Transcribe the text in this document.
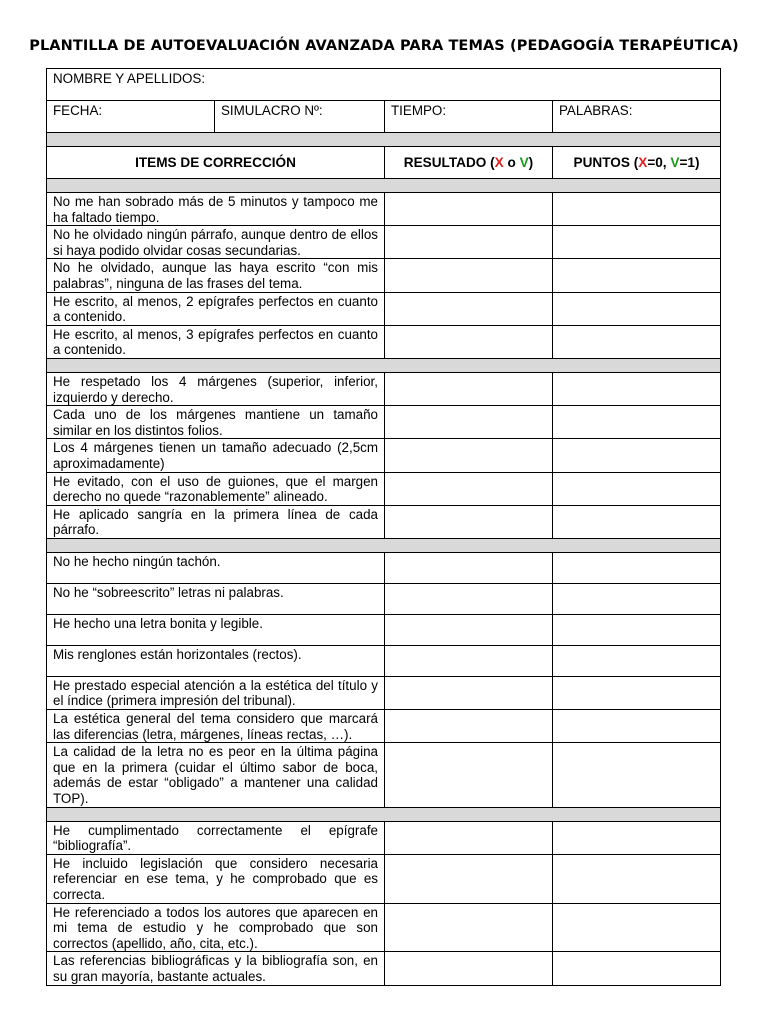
PLANTILLA DE AUTOEVALUACIÓN AVANZADA PARA TEMAS (PEDAGOGÍA TERAPÉUTICA)
NOMBRE Y APELLIDOS:			
FECHA:	SIMULACRO Nº:	TIEMPO:	PALABRAS:

ITEMS DE CORRECCIÓN		RESULTADO (X o V)	PUNTOS (X=0, V=1)

No me han sobrado más de 5 minutos y tampoco me ha faltado tiempo.			
No he olvidado ningún párrafo, aunque dentro de ellos si haya podido olvidar cosas secundarias.			
No he olvidado, aunque las haya escrito “con mis palabras”, ninguna de las frases del tema.			
He escrito, al menos, 2 epígrafes perfectos en cuanto a contenido.			
He escrito, al menos, 3 epígrafes perfectos en cuanto a contenido.			

He respetado los 4 márgenes (superior, inferior, izquierdo y derecho.			
Cada uno de los márgenes mantiene un tamaño similar en los distintos folios.			
Los 4 márgenes tienen un tamaño adecuado (2,5cm aproximadamente)			
He evitado, con el uso de guiones, que el margen derecho no quede “razonablemente” alineado.			
He aplicado sangría en la primera línea de cada párrafo.			

No he hecho ningún tachón.			
No he “sobreescrito” letras ni palabras.			
He hecho una letra bonita y legible.			
Mis renglones están horizontales (rectos).			
He prestado especial atención a la estética del título y el índice (primera impresión del tribunal).			
La estética general del tema considero que marcará las diferencias (letra, márgenes, líneas rectas, …).			
La calidad de la letra no es peor en la última página que en la primera (cuidar el último sabor de boca, además de estar “obligado” a mantener una calidad TOP).			

He cumplimentado correctamente el epígrafe “bibliografía”.			
He incluido legislación que considero necesaria referenciar en ese tema, y he comprobado que es correcta.			
He referenciado a todos los autores que aparecen en mi tema de estudio y he comprobado que son correctos (apellido, año, cita, etc.).			
Las referencias bibliográficas y la bibliografía son, en su gran mayoría, bastante actuales.			
